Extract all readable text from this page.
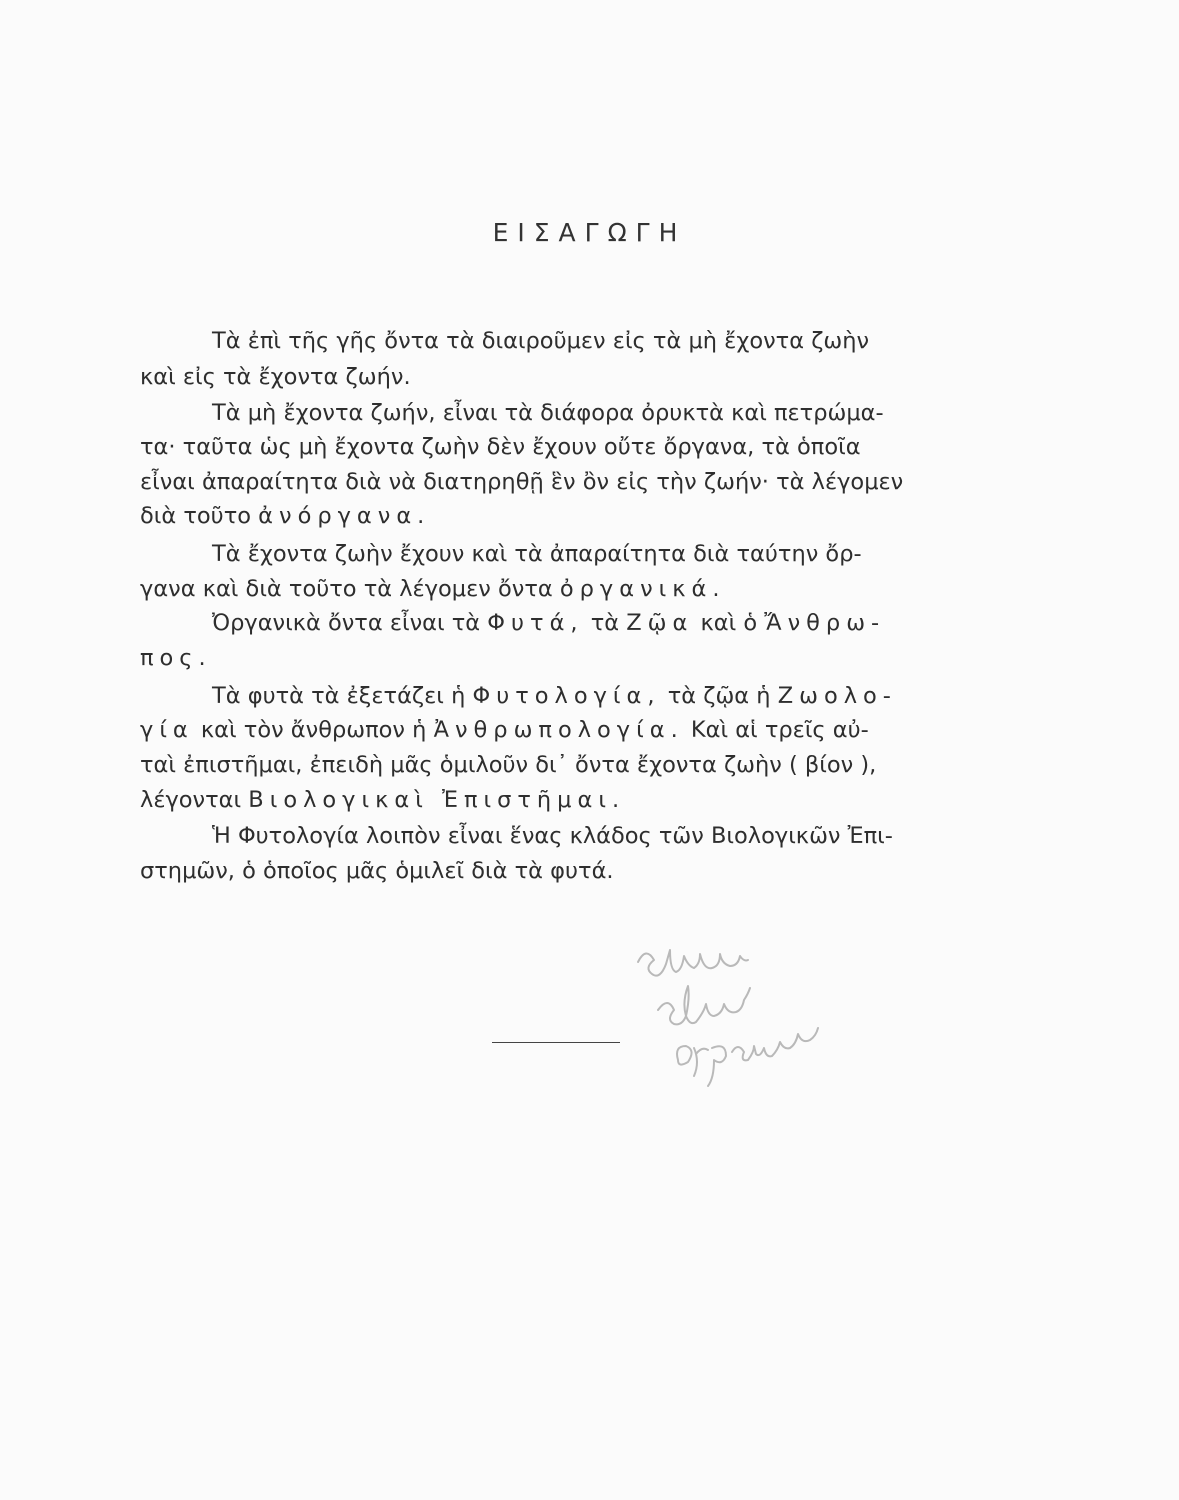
ΕΙΣΑΓΩΓΗ
Τὰ ἐπὶ τῆς γῆς ὄντα τὰ διαιροῦμεν εἰς τὰ μὴ ἔχοντα ζωὴν
καὶ εἰς τὰ ἔχοντα ζωήν.
Τὰ μὴ ἔχοντα ζωήν, εἶναι τὰ διάφορα ὀρυκτὰ καὶ πετρώμα-
τα· ταῦτα ὡς μὴ ἔχοντα ζωὴν δὲν ἔχουν οὔτε ὄργανα, τὰ ὁποῖα
εἶναι ἀπαραίτητα διὰ νὰ διατηρηθῇ ἓν ὂν εἰς τὴν ζωήν· τὰ λέγομεν
διὰ τοῦτο ἀνόργανα.
Τὰ ἔχοντα ζωὴν ἔχουν καὶ τὰ ἀπαραίτητα διὰ ταύτην ὄρ-
γανα καὶ διὰ τοῦτο τὰ λέγομεν ὄντα ὀργανικά.
Ὀργανικὰ ὄντα εἶναι τὰ Φυτά, τὰ Ζῷα καὶ ὁ Ἄνθρω-
πος.
Τὰ φυτὰ τὰ ἐξετάζει ἡ Φυτολογία, τὰ ζῷα ἡ Ζωολο-
γία καὶ τὸν ἄνθρωπον ἡ Ἀνθρωπολογία. Καὶ αἱ τρεῖς αὐ-
ταὶ ἐπιστῆμαι, ἐπειδὴ μᾶς ὁμιλοῦν δι᾽ ὄντα ἔχοντα ζωὴν ( βίον ),
λέγονται Βιολογικαὶ Ἐπιστῆμαι.
Ἡ Φυτολογία λοιπὸν εἶναι ἕνας κλάδος τῶν Βιολογικῶν Ἐπι-
στημῶν, ὁ ὁποῖος μᾶς ὁμιλεῖ διὰ τὰ φυτά.
